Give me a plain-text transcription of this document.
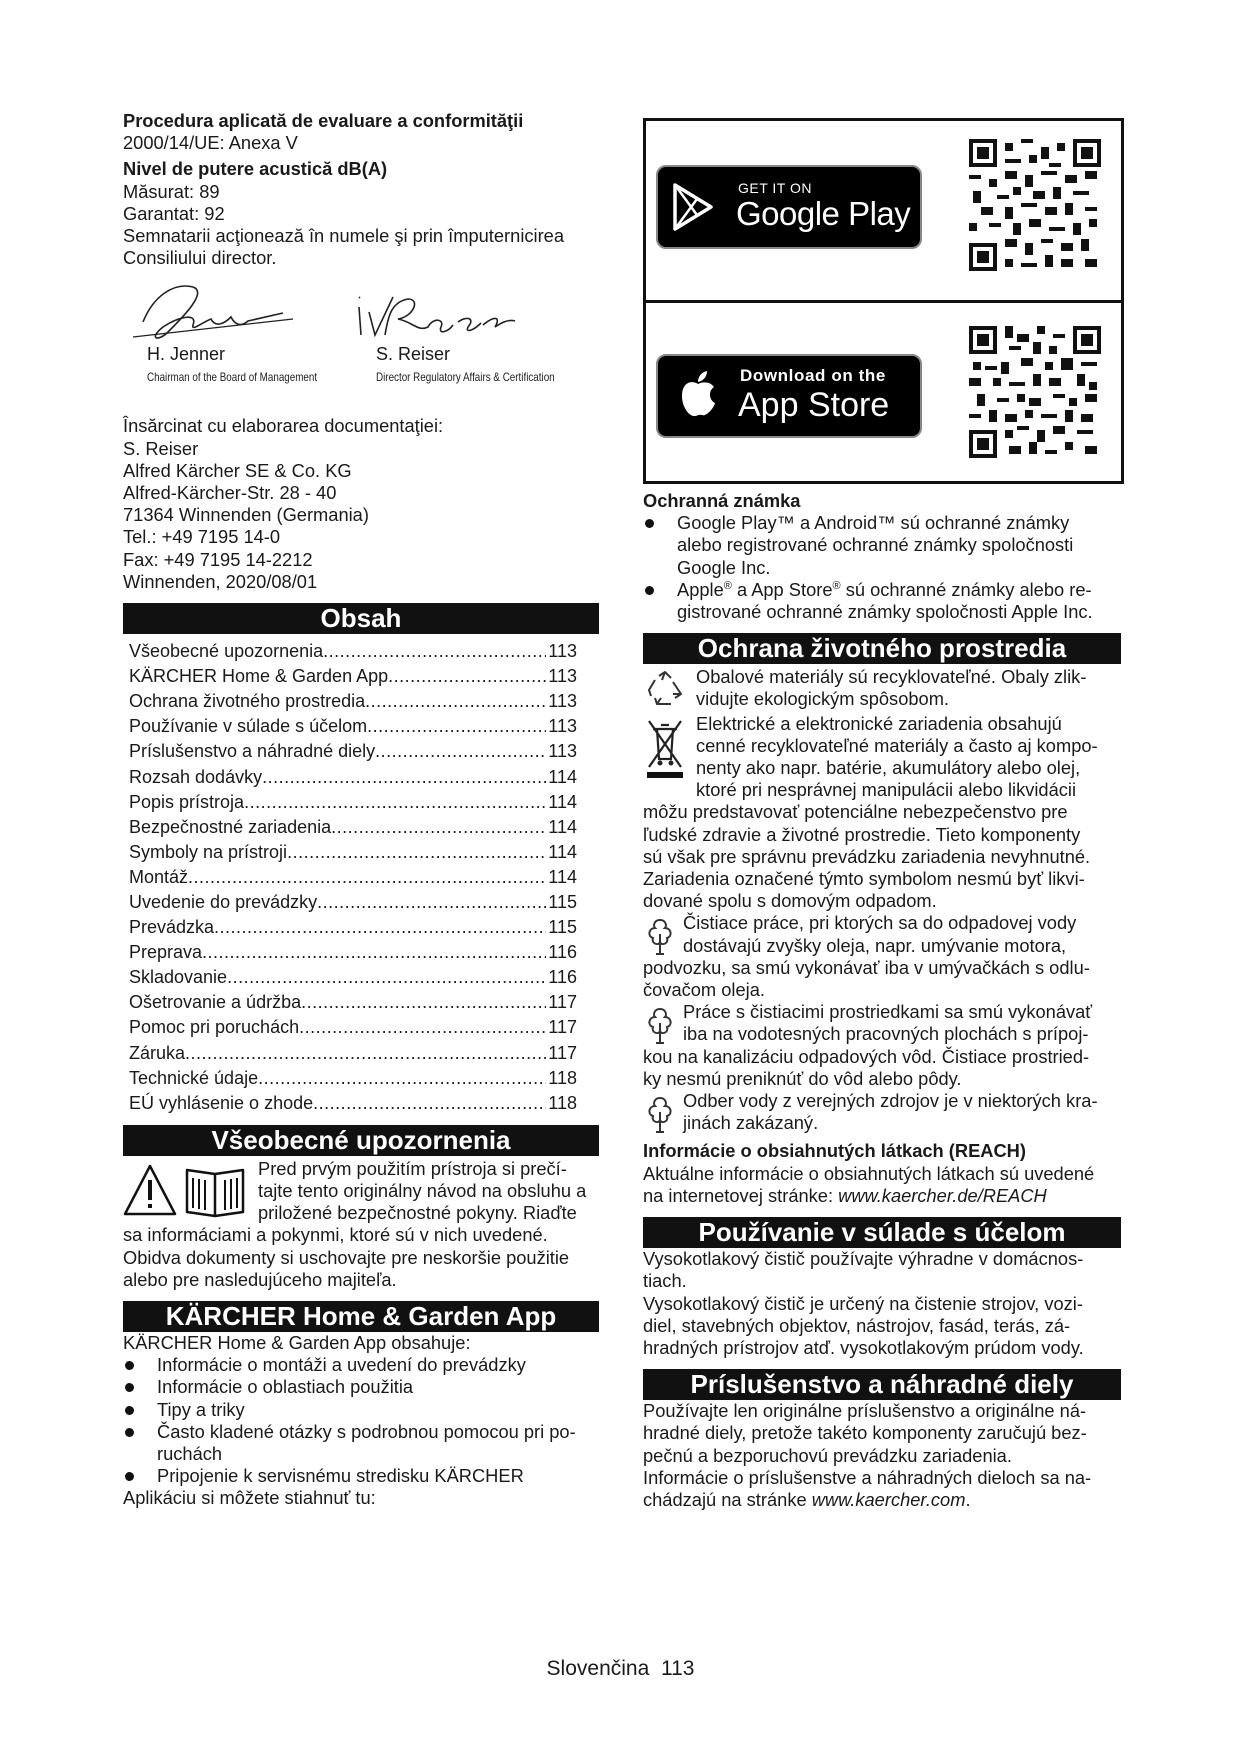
Procedura aplicată de evaluare a conformităţii

2000/14/UE: Anexa V

Nivel de putere acustică dB(A)

Măsurat: 89

Garantat: 92

Semnatarii acţionează în numele şi prin împuternicirea

Consiliului director.

H. Jenner
Chairman of the Board of Management
S. Reiser
Director Regulatory Affairs & Certification

Însărcinat cu elaborarea documentaţiei:

S. Reiser

Alfred Kärcher SE & Co. KG

Alfred-Kärcher-Str. 28 - 40

71364 Winnenden (Germania)

Tel.: +49 7195 14-0

Fax: +49 7195 14-2212

Winnenden, 2020/08/01

Obsah
Všeobecné upozornenia .....	113
KÄRCHER Home & Garden App .....	113
Ochrana životného prostredia .....	113
Používanie v súlade s účelom .....	113
Príslušenstvo a náhradné diely .....	113
Rozsah dodávky .....	114
Popis prístroja .....	114
Bezpečnostné zariadenia .....	114
Symboly na prístroji .....	114
Montáž .....	114
Uvedenie do prevádzky .....	115
Prevádzka .....	115
Preprava .....	116
Skladovanie .....	116
Ošetrovanie a údržba .....	117
Pomoc pri poruchách .....	117
Záruka .....	117
Technické údaje .....	118
EÚ vyhlásenie o zhode .....	118
Všeobecné upozornenia
Pred prvým použitím prístroja si prečí-
tajte tento originálny návod na obsluhu a
priložené bezpečnostné pokyny. Riaďte

sa informáciami a pokynmi, ktoré sú v nich uvedené.

Obidva dokumenty si uschovajte pre neskoršie použitie

alebo pre nasledujúceho majiteľa.

KÄRCHER Home & Garden App

KÄRCHER Home & Garden App obsahuje:

Informácie o montáži a uvedení do prevádzky
Informácie o oblastiach použitia
Tipy a triky
Často kladené otázky s podrobnou pomocou pri po-
ruchách
Pripojenie k servisnému stredisku KÄRCHER

Aplikáciu si môžete stiahnuť tu:

GET IT ON
Google Play
Download on the
App Store

Ochranná známka

Google Play™ a Android™ sú ochranné známky
alebo registrované ochranné známky spoločnosti
Google Inc.
Apple® a App Store® sú ochranné známky alebo re-
gistrované ochranné známky spoločnosti Apple Inc.
Ochrana životného prostredia
Obalové materiály sú recyklovateľné. Obaly zlik-
vidujte ekologickým spôsobom.
Elektrické a elektronické zariadenia obsahujú
cenné recyklovateľné materiály a často aj kompo-
nenty ako napr. batérie, akumulátory alebo olej,
ktoré pri nesprávnej manipulácii alebo likvidácii

môžu predstavovať potenciálne nebezpečenstvo pre

ľudské zdravie a životné prostredie. Tieto komponenty

sú však pre správnu prevádzku zariadenia nevyhnutné.

Zariadenia označené týmto symbolom nesmú byť likvi-

dované spolu s domovým odpadom.

Čistiace práce, pri ktorých sa do odpadovej vody
dostávajú zvyšky oleja, napr. umývanie motora,

podvozku, sa smú vykonávať iba v umývačkách s odlu-

čovačom oleja.

Práce s čistiacimi prostriedkami sa smú vykonávať
iba na vodotesných pracovných plochách s prípoj-

kou na kanalizáciu odpadových vôd. Čistiace prostried-

ky nesmú preniknúť do vôd alebo pôdy.

Odber vody z verejných zdrojov je v niektorých kra-
jinách zakázaný.

Informácie o obsiahnutých látkach (REACH)

Aktuálne informácie o obsiahnutých látkach sú uvedené

na internetovej stránke: www.kaercher.de/REACH

Používanie v súlade s účelom

Vysokotlakový čistič používajte výhradne v domácnos-

tiach.

Vysokotlakový čistič je určený na čistenie strojov, vozi-

diel, stavebných objektov, nástrojov, fasád, terás, zá-

hradných prístrojov atď. vysokotlakovým prúdom vody.

Príslušenstvo a náhradné diely

Používajte len originálne príslušenstvo a originálne ná-

hradné diely, pretože takéto komponenty zaručujú bez-

pečnú a bezporuchovú prevádzku zariadenia.

Informácie o príslušenstve a náhradných dieloch sa na-

chádzajú na stránke www.kaercher.com.

Slovenčina 113
